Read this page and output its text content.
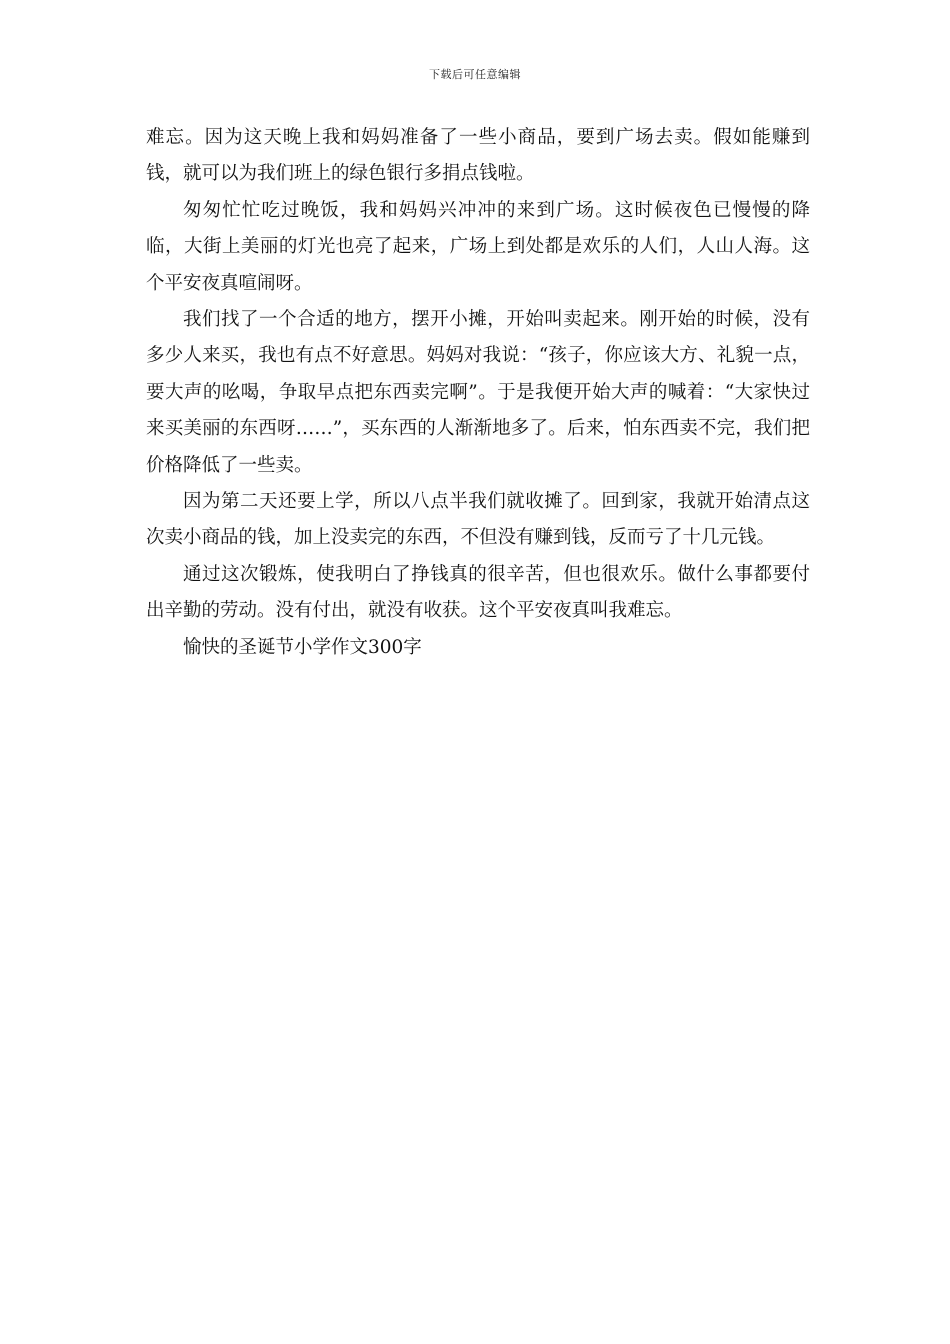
下载后可任意编辑

难忘。因为这天晚上我和妈妈准备了一些小商品，要到广场去卖。假如能赚到钱，就可以为我们班上的绿色银行多捐点钱啦。

匆匆忙忙吃过晚饭，我和妈妈兴冲冲的来到广场。这时候夜色已慢慢的降临，大街上美丽的灯光也亮了起来，广场上到处都是欢乐的人们，人山人海。这个平安夜真喧闹呀。

我们找了一个合适的地方，摆开小摊，开始叫卖起来。刚开始的时候，没有多少人来买，我也有点不好意思。妈妈对我说：“孩子，你应该大方、礼貌一点，要大声的吆喝，争取早点把东西卖完啊”。于是我便开始大声的喊着：“大家快过来买美丽的东西呀……”，买东西的人渐渐地多了。后来，怕东西卖不完，我们把价格降低了一些卖。

因为第二天还要上学，所以八点半我们就收摊了。回到家，我就开始清点这次卖小商品的钱，加上没卖完的东西，不但没有赚到钱，反而亏了十几元钱。

通过这次锻炼，使我明白了挣钱真的很辛苦，但也很欢乐。做什么事都要付出辛勤的劳动。没有付出，就没有收获。这个平安夜真叫我难忘。

愉快的圣诞节小学作文300字
